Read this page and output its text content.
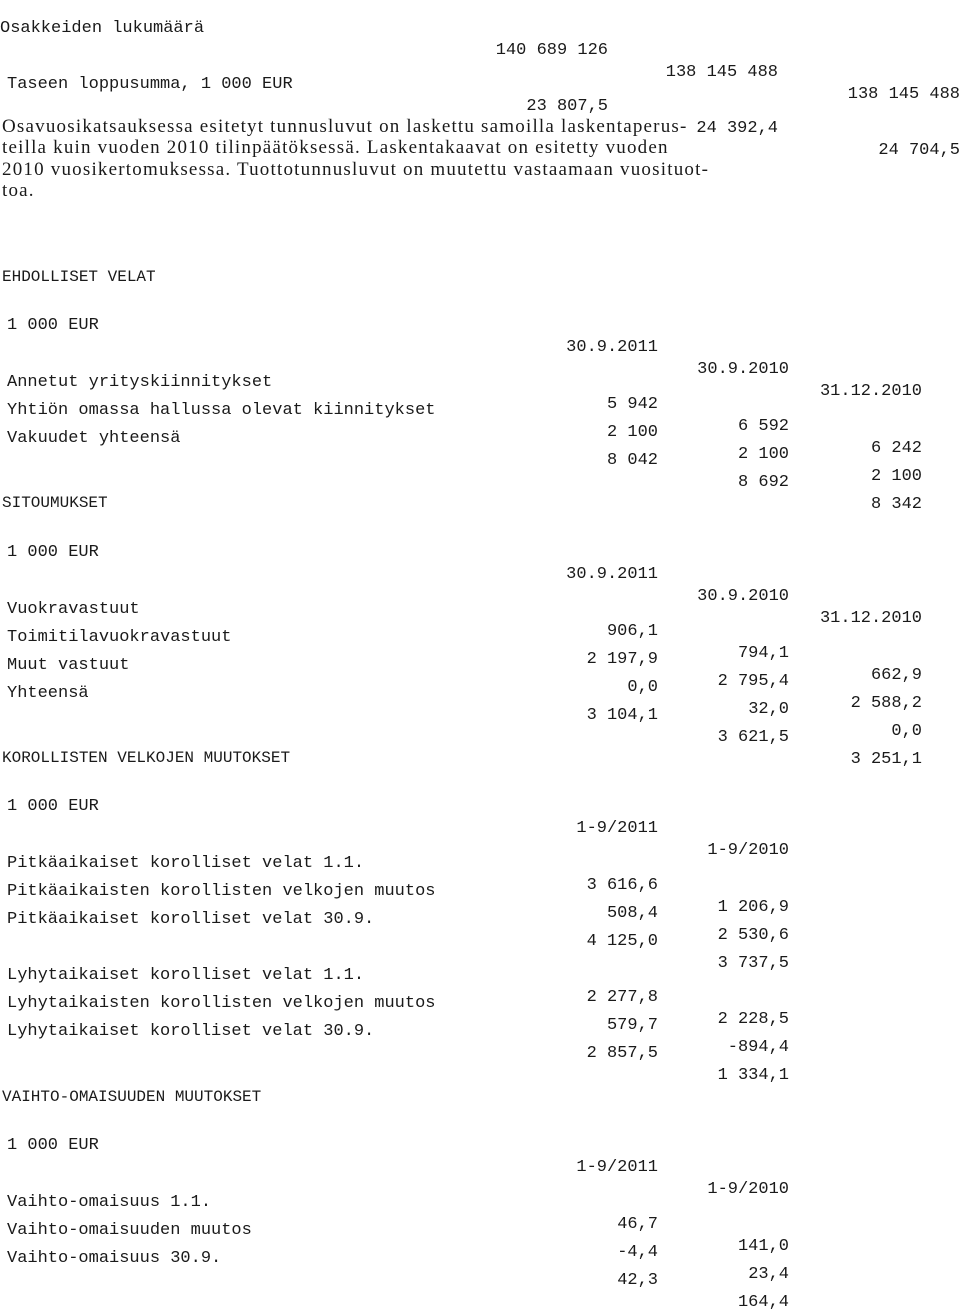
Osakkeiden lukumäärä

140 689 126

138 145 488

138 145 488

Taseen loppusumma, 1 000 EUR

23 807,5

24 392,4

24 704,5

Osavuosikatsauksessa esitetyt tunnusluvut on laskettu samoilla laskentaperus-
teilla kuin vuoden 2010 tilinpäätöksessä. Laskentakaavat on esitetty vuoden
2010 vuosikertomuksessa. Tuottotunnusluvut on muutettu vastaamaan vuosituot-
toa.

EHDOLLISET VELAT

1 000 EUR

30.9.2011

30.9.2010

31.12.2010

Annetut yrityskiinnitykset

5 942

6 592

6 242

Yhtiön omassa hallussa olevat kiinnitykset

2 100

2 100

2 100

Vakuudet yhteensä

8 042

8 692

8 342

SITOUMUKSET

1 000 EUR

30.9.2011

30.9.2010

31.12.2010

Vuokravastuut

906,1

794,1

662,9

Toimitilavuokravastuut

2 197,9

2 795,4

2 588,2

Muut vastuut

0,0

32,0

0,0

Yhteensä

3 104,1

3 621,5

3 251,1

KOROLLISTEN VELKOJEN MUUTOKSET

1 000 EUR

1-9/2011

1-9/2010

Pitkäaikaiset korolliset velat 1.1.

3 616,6

1 206,9

Pitkäaikaisten korollisten velkojen muutos

508,4

2 530,6

Pitkäaikaiset korolliset velat 30.9.

4 125,0

3 737,5

Lyhytaikaiset korolliset velat 1.1.

2 277,8

2 228,5

Lyhytaikaisten korollisten velkojen muutos

579,7

-894,4

Lyhytaikaiset korolliset velat 30.9.

2 857,5

1 334,1

VAIHTO-OMAISUUDEN MUUTOKSET

1 000 EUR

1-9/2011

1-9/2010

Vaihto-omaisuus 1.1.

46,7

141,0

Vaihto-omaisuuden muutos

-4,4

23,4

Vaihto-omaisuus 30.9.

42,3

164,4
